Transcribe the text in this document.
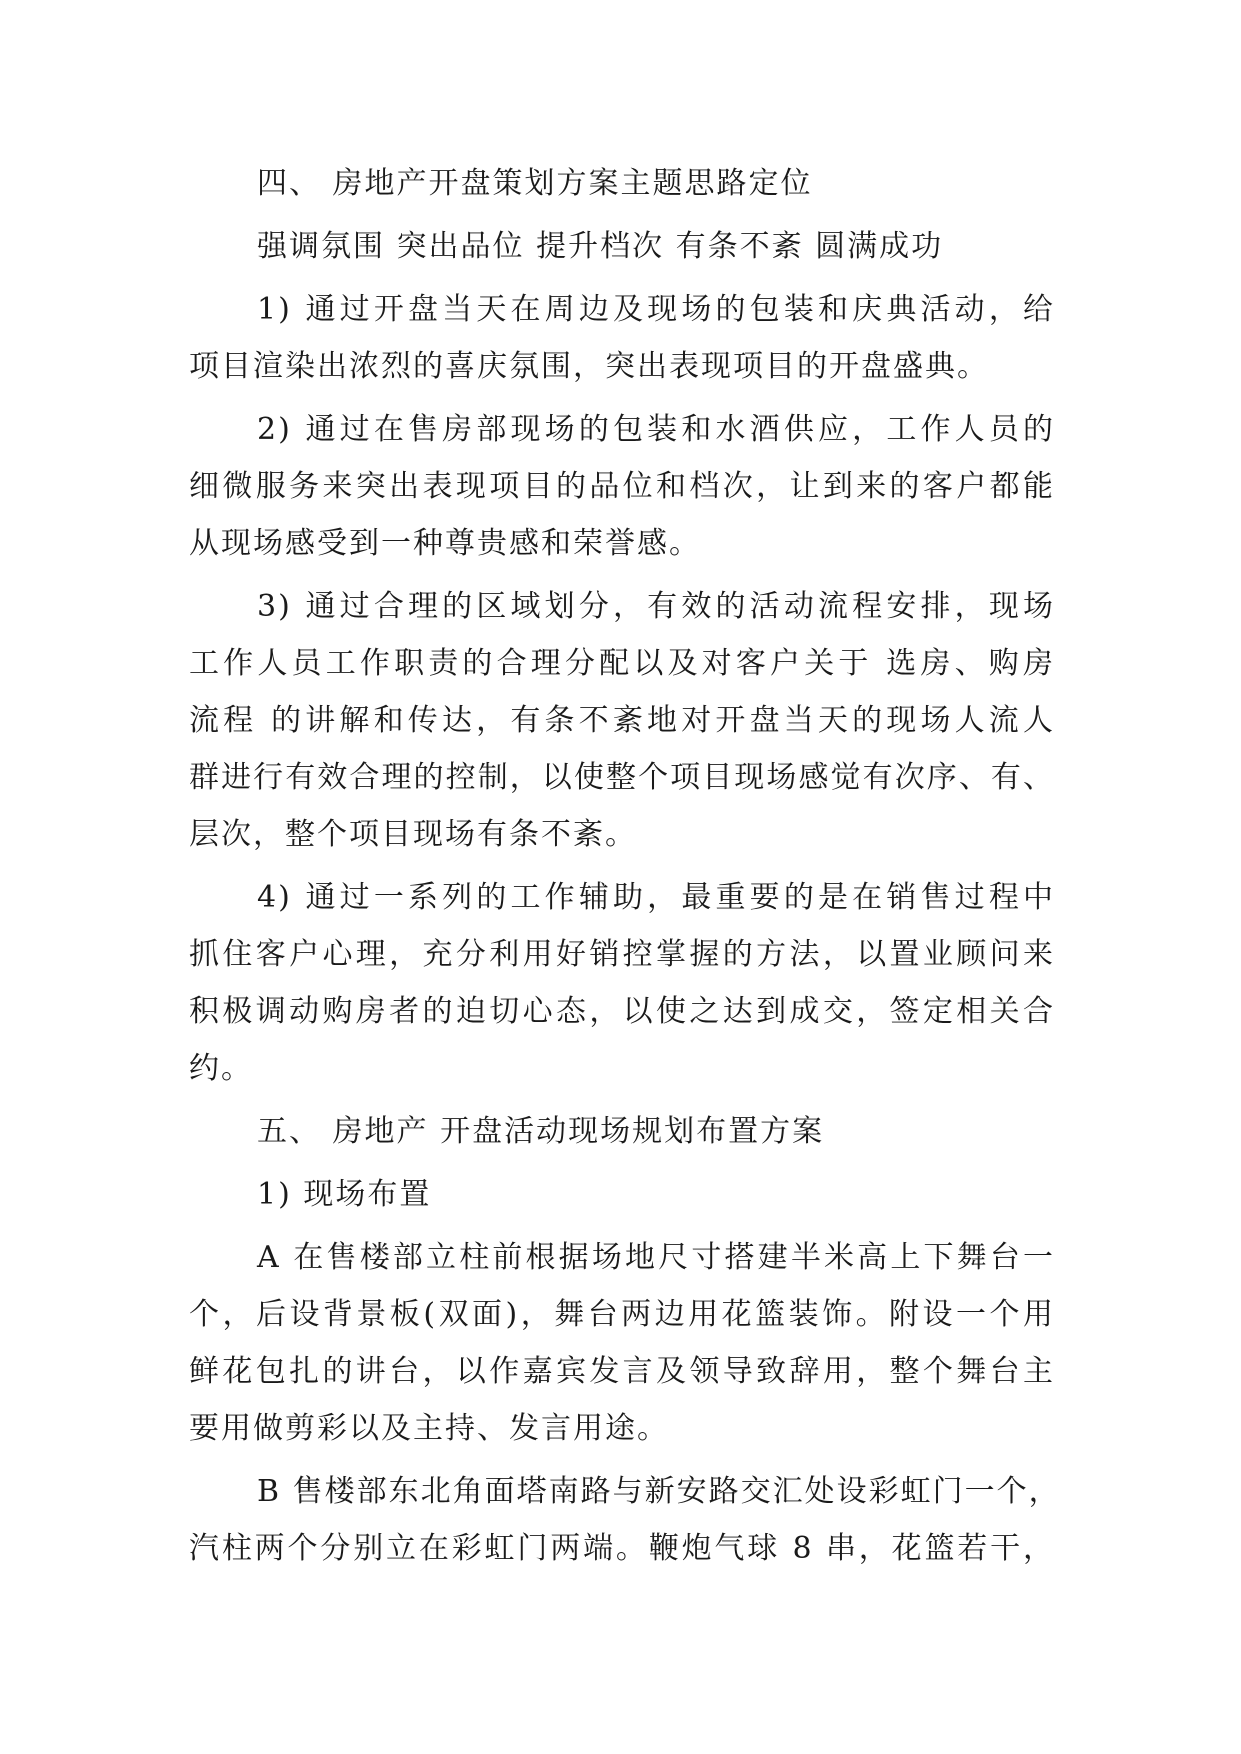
四、 房地产开盘策划方案主题思路定位
强调氛围 突出品位 提升档次 有条不紊 圆满成功
1) 通过开盘当天在周边及现场的包装和庆典活动，给
项目渲染出浓烈的喜庆氛围，突出表现项目的开盘盛典。
2) 通过在售房部现场的包装和水酒供应，工作人员的
细微服务来突出表现项目的品位和档次，让到来的客户都能
从现场感受到一种尊贵感和荣誉感。
3) 通过合理的区域划分，有效的活动流程安排，现场
工作人员工作职责的合理分配以及对客户关于 选房、购房
流程 的讲解和传达，有条不紊地对开盘当天的现场人流人
群进行有效合理的控制，以使整个项目现场感觉有次序、有、
层次，整个项目现场有条不紊。
4) 通过一系列的工作辅助，最重要的是在销售过程中
抓住客户心理，充分利用好销控掌握的方法，以置业顾问来
积极调动购房者的迫切心态，以使之达到成交，签定相关合
约。
五、 房地产 开盘活动现场规划布置方案
1) 现场布置
A 在售楼部立柱前根据场地尺寸搭建半米高上下舞台一
个，后设背景板(双面)，舞台两边用花篮装饰。附设一个用
鲜花包扎的讲台，以作嘉宾发言及领导致辞用，整个舞台主
要用做剪彩以及主持、发言用途。
B 售楼部东北角面塔南路与新安路交汇处设彩虹门一个，
汽柱两个分别立在彩虹门两端。鞭炮气球 8 串，花篮若干，
